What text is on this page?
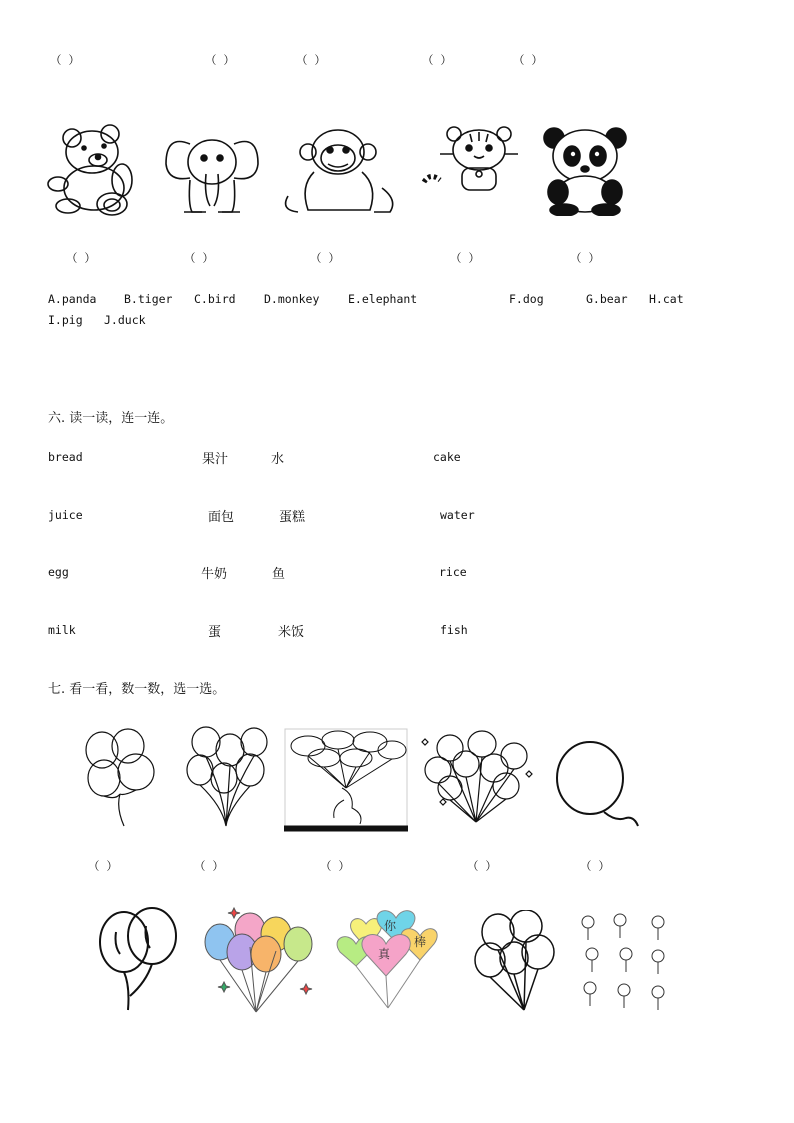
（ ）	（ ）	（ ）	（ ）	（ ）
（ ）	（ ）	（ ）	（ ）	（ ）
A.panda B.tiger C.bird D.monkey E.elephant	F.dog	G.bear H.cat
I.pig J.duck
六. 读一读，连一连。
bread	果汁	水	cake
juice	面包	蛋糕	water
egg	牛奶	鱼	rice
milk	蛋	米饭	fish
七. 看一看，数一数，选一选。
（ ）	（ ）	（ ）	（ ）	（ ）
你
真
棒
